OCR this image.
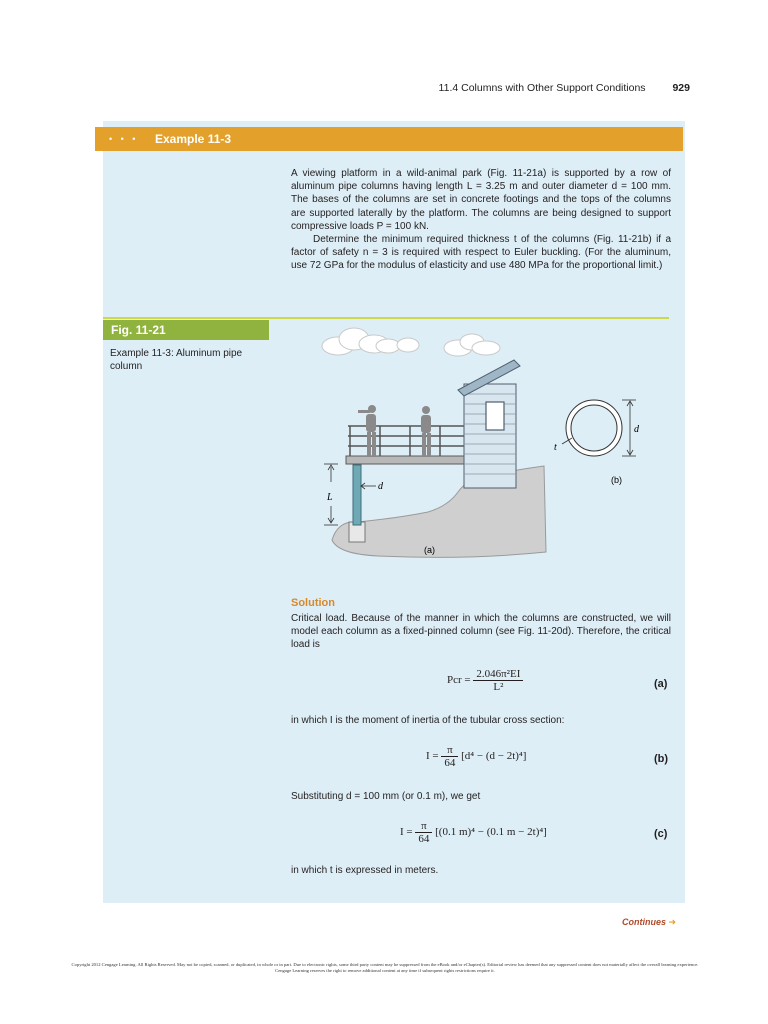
11.4 Columns with Other Support Conditions	929
• • • Example 11-3

A viewing platform in a wild-animal park (Fig. 11-21a) is supported by a row of aluminum pipe columns having length L = 3.25 m and outer diameter d = 100 mm. The bases of the columns are set in concrete footings and the tops of the columns are supported laterally by the platform. The columns are being designed to support compressive loads P = 100 kN.

Determine the minimum required thickness t of the columns (Fig. 11-21b) if a factor of safety n = 3 is required with respect to Euler buckling. (For the aluminum, use 72 GPa for the modulus of elasticity and use 480 MPa for the proportional limit.)

Fig. 11-21
Example 11-3: Aluminum pipe column
L
d
(a)
d
t
(b)
Solution
Critical load. Because of the manner in which the columns are constructed, we will model each column as a fixed-pinned column (see Fig. 11-20d). Therefore, the critical load is
Pcr = $\frac{\text{2.046π²EI}}{\text{L²}}$	(a)
in which I is the moment of inertia of the tubular cross section:
$I = \frac{\pi}{64} [d^4 - (d - 2t)^4]$	(b)
Substituting d = 100 mm (or 0.1 m), we get
$I = \frac{\pi}{64} [(0.1$ m)⁴ − (0.1 m − 2t)⁴]	(c)
in which t is expressed in meters.
Continues ➜
Copyright 2012 Cengage Learning. All Rights Reserved. May not be copied, scanned, or duplicated, in whole or in part. Due to electronic rights, some third party content may be suppressed from the eBook and/or eChapter(s). Editorial review has deemed that any suppressed content does not materially affect the overall learning experience. Cengage Learning reserves the right to remove additional content at any time if subsequent rights restrictions require it.
